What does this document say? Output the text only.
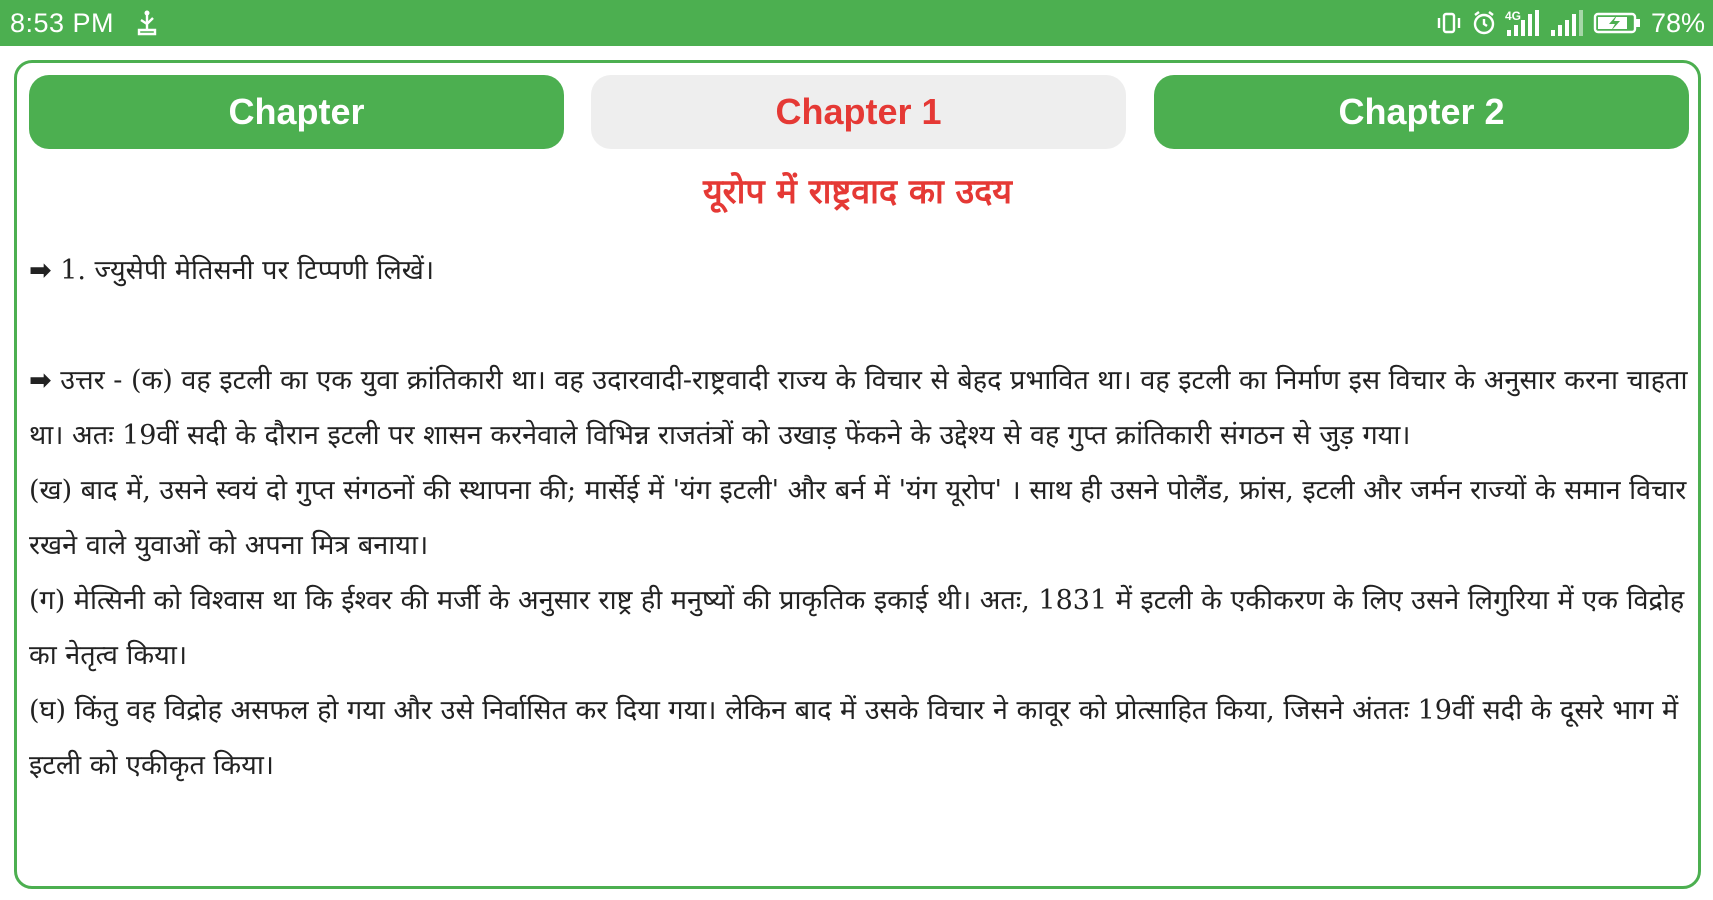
8:53 PM	4G	78%
Chapter	Chapter 1	Chapter 2
यूरोप में राष्ट्रवाद का उदय

➡ 1. ज्युसेपी मेतिसनी पर टिप्पणी लिखें।

➡ उत्तर - (क) वह इटली का एक युवा क्रांतिकारी था। वह उदारवादी-राष्ट्रवादी राज्य के विचार से बेहद प्रभावित था। वह इटली का निर्माण इस विचार के अनुसार करना चाहता था। अतः 19वीं सदी के दौरान इटली पर शासन करनेवाले विभिन्न राजतंत्रों को उखाड़ फेंकने के उद्देश्य से वह गुप्त क्रांतिकारी संगठन से जुड़ गया।

(ख) बाद में, उसने स्वयं दो गुप्त संगठनों की स्थापना की; मार्सेई में 'यंग इटली' और बर्न में 'यंग यूरोप' । साथ ही उसने पोलैंड, फ्रांस, इटली और जर्मन राज्यों के समान विचार रखने वाले युवाओं को अपना मित्र बनाया।

(ग) मेत्सिनी को विश्वास था कि ईश्वर की मर्जी के अनुसार राष्ट्र ही मनुष्यों की प्राकृतिक इकाई थी। अतः, 1831 में इटली के एकीकरण के लिए उसने लिगुरिया में एक विद्रोह का नेतृत्व किया।

(घ) किंतु वह विद्रोह असफल हो गया और उसे निर्वासित कर दिया गया। लेकिन बाद में उसके विचार ने कावूर को प्रोत्साहित किया, जिसने अंततः 19वीं सदी के दूसरे भाग में इटली को एकीकृत किया।
